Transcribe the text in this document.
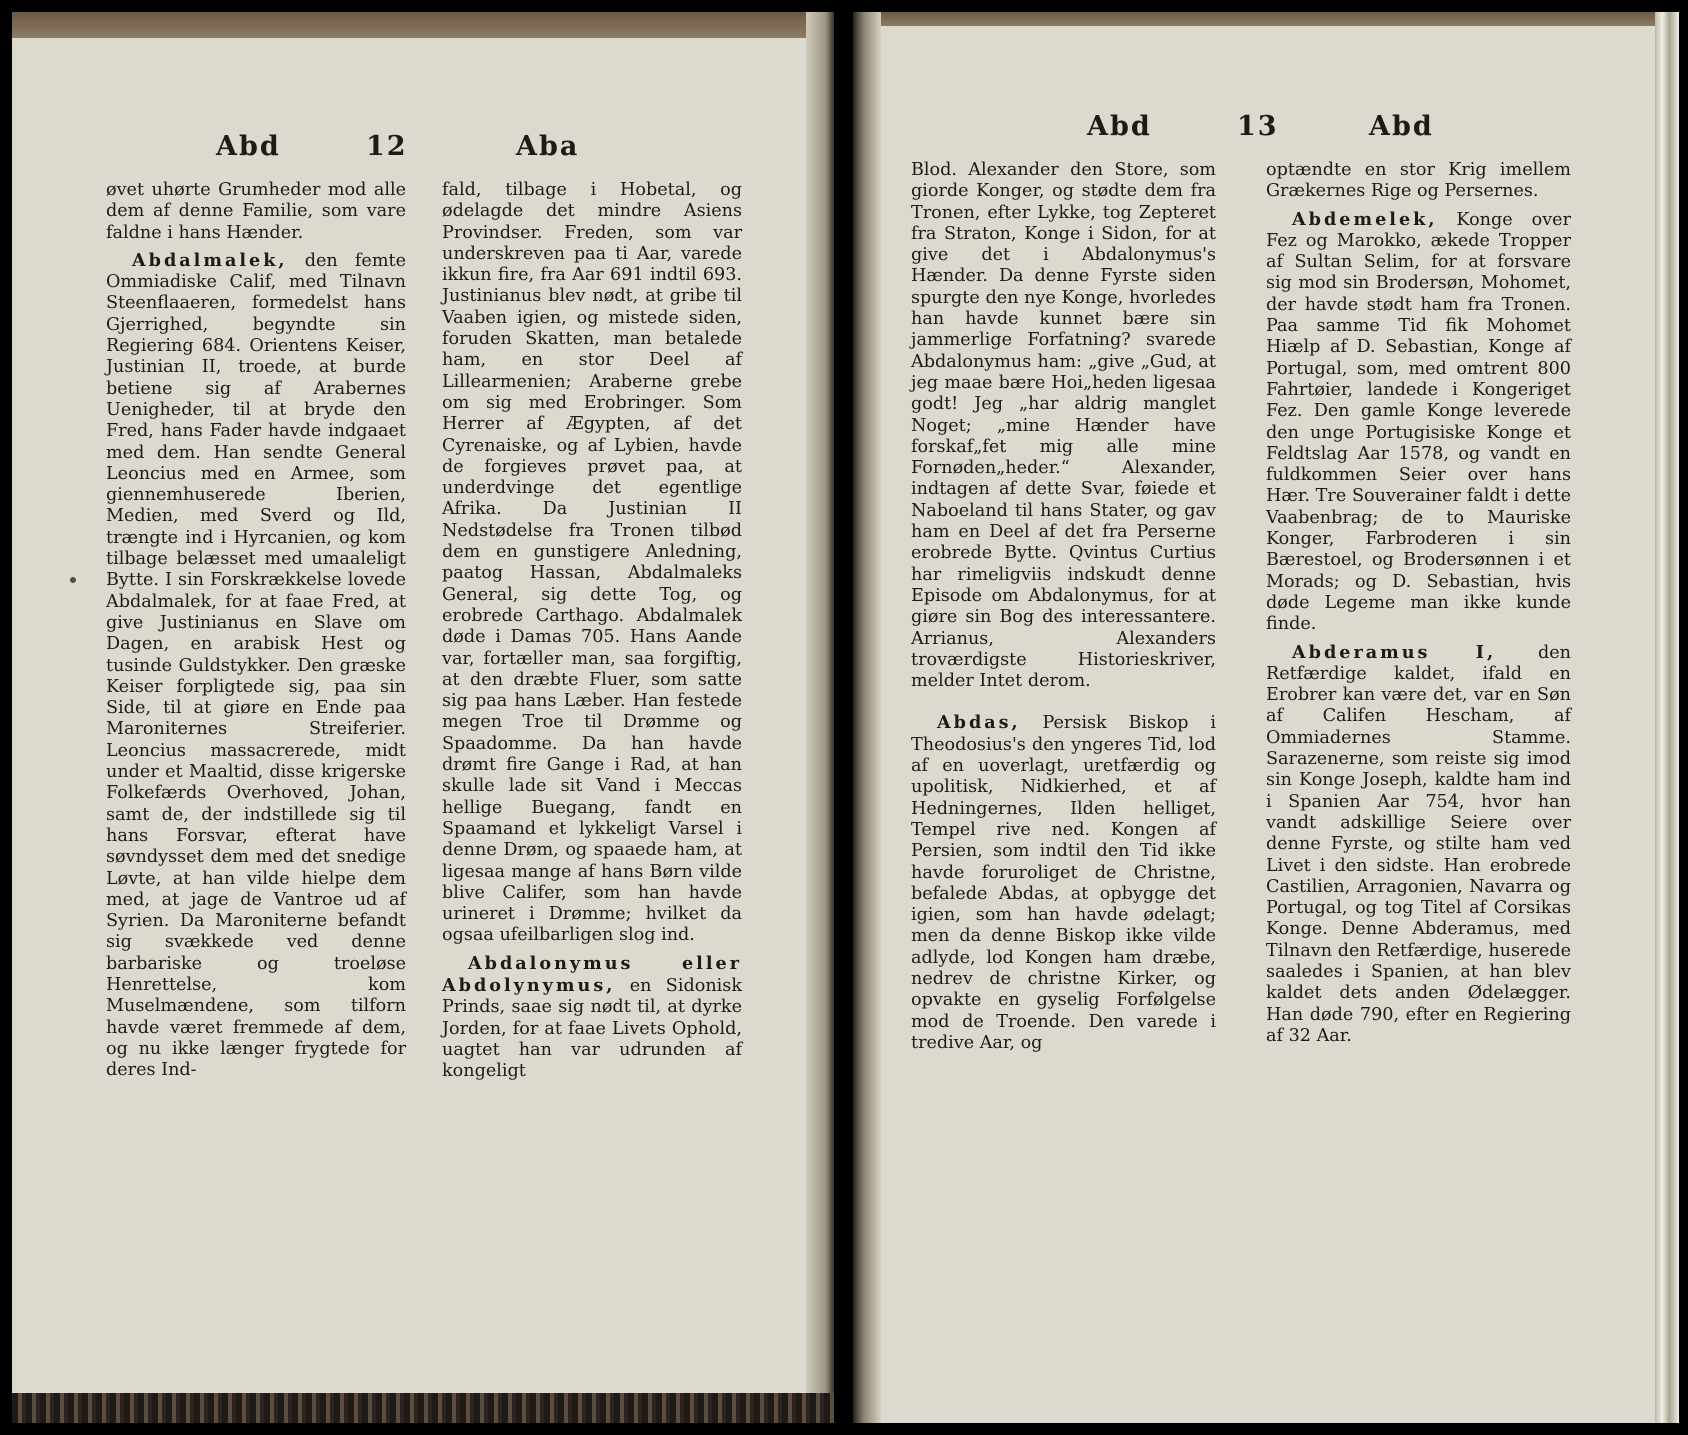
Abd	12	Aba

øvet uhørte Grumheder mod alle dem af denne Familie, som vare faldne i hans Hænder.

Abdalmalek, den femte Ommiadiske Calif, med Tilnavn Steenflaaeren, formedelst hans Gjerrighed, begyndte sin Regiering 684. Orientens Keiser, Justinian II, troede, at burde betiene sig af Arabernes Uenigheder, til at bryde den Fred, hans Fader havde indgaaet med dem. Han sendte General Leoncius med en Armee, som giennemhuserede Iberien, Medien, med Sverd og Ild, trængte ind i Hyrcanien, og kom tilbage belæsset med umaaleligt Bytte. I sin Forskrækkelse lovede Abdalmalek, for at faae Fred, at give Justinianus en Slave om Dagen, en arabisk Hest og tusinde Guldstykker. Den græske Keiser forpligtede sig, paa sin Side, til at giøre en Ende paa Maroniternes Streiferier. Leoncius massacrerede, midt under et Maaltid, disse krigerske Folkefærds Overhoved, Johan, samt de, der indstillede sig til hans Forsvar, efterat have søvndysset dem med det snedige Løvte, at han vilde hielpe dem med, at jage de Vantroe ud af Syrien. Da Maroniterne befandt sig svækkede ved denne barbariske og troeløse Henrettelse, kom Muselmændene, som tilforn havde været fremmede af dem, og nu ikke længer frygtede for deres Ind-

fald, tilbage i Hobetal, og ødelagde det mindre Asiens Provindser. Freden, som var underskreven paa ti Aar, varede ikkun fire, fra Aar 691 indtil 693. Justinianus blev nødt, at gribe til Vaaben igien, og mistede siden, foruden Skatten, man betalede ham, en stor Deel af Lillearmenien; Araberne grebe om sig med Erobringer. Som Herrer af Ægypten, af det Cyrenaiske, og af Lybien, havde de forgieves prøvet paa, at underdvinge det egentlige Afrika. Da Justinian II Nedstødelse fra Tronen tilbød dem en gunstigere Anledning, paatog Hassan, Abdalmaleks General, sig dette Tog, og erobrede Carthago. Abdalmalek døde i Damas 705. Hans Aande var, fortæller man, saa forgiftig, at den dræbte Fluer, som satte sig paa hans Læber. Han festede megen Troe til Drømme og Spaadomme. Da han havde drømt fire Gange i Rad, at han skulle lade sit Vand i Meccas hellige Buegang, fandt en Spaamand et lykkeligt Varsel i denne Drøm, og spaaede ham, at ligesaa mange af hans Børn vilde blive Califer, som han havde urineret i Drømme; hvilket da ogsaa ufeilbarligen slog ind.

Abdalonymus eller Abdolynymus, en Sidonisk Prinds, saae sig nødt til, at dyrke Jorden, for at faae Livets Ophold, uagtet han var udrunden af kongeligt

Abd	13	Abd

Blod. Alexander den Store, som giorde Konger, og stødte dem fra Tronen, efter Lykke, tog Zepteret fra Straton, Konge i Sidon, for at give det i Abdalonymus's Hænder. Da denne Fyrste siden spurgte den nye Konge, hvorledes han havde kunnet bære sin jammerlige Forfatning? svarede Abdalonymus ham: „give „Gud, at jeg maae bære Hoi„heden ligesaa godt! Jeg „har aldrig manglet Noget; „mine Hænder have forskaf„fet mig alle mine Fornøden„heder.“ Alexander, indtagen af dette Svar, føiede et Naboeland til hans Stater, og gav ham en Deel af det fra Perserne erobrede Bytte. Qvintus Curtius har rimeligviis indskudt denne Episode om Abdalonymus, for at giøre sin Bog des interessantere. Arrianus, Alexanders troværdigste Historieskriver, melder Intet derom.

Abdas, Persisk Biskop i Theodosius's den yngeres Tid, lod af en uoverlagt, uretfærdig og upolitisk, Nidkierhed, et af Hedningernes, Ilden helliget, Tempel rive ned. Kongen af Persien, som indtil den Tid ikke havde foruroliget de Christne, befalede Abdas, at opbygge det igien, som han havde ødelagt; men da denne Biskop ikke vilde adlyde, lod Kongen ham dræbe, nedrev de christne Kirker, og opvakte en gyselig Forfølgelse mod de Troende. Den varede i tredive Aar, og

optændte en stor Krig imellem Grækernes Rige og Persernes.

Abdemelek, Konge over Fez og Marokko, ækede Tropper af Sultan Selim, for at forsvare sig mod sin Brodersøn, Mohomet, der havde stødt ham fra Tronen. Paa samme Tid fik Mohomet Hiælp af D. Sebastian, Konge af Portugal, som, med omtrent 800 Fahrtøier, landede i Kongeriget Fez. Den gamle Konge leverede den unge Portugisiske Konge et Feldtslag Aar 1578, og vandt en fuldkommen Seier over hans Hær. Tre Souverainer faldt i dette Vaabenbrag; de to Mauriske Konger, Farbroderen i sin Bærestoel, og Brodersønnen i et Morads; og D. Sebastian, hvis døde Legeme man ikke kunde finde.

Abderamus I, den Retfærdige kaldet, ifald en Erobrer kan være det, var en Søn af Califen Hescham, af Ommiadernes Stamme. Sarazenerne, som reiste sig imod sin Konge Joseph, kaldte ham ind i Spanien Aar 754, hvor han vandt adskillige Seiere over denne Fyrste, og stilte ham ved Livet i den sidste. Han erobrede Castilien, Arragonien, Navarra og Portugal, og tog Titel af Corsikas Konge. Denne Abderamus, med Tilnavn den Retfærdige, huserede saaledes i Spanien, at han blev kaldet dets anden Ødelægger. Han døde 790, efter en Regiering af 32 Aar.
